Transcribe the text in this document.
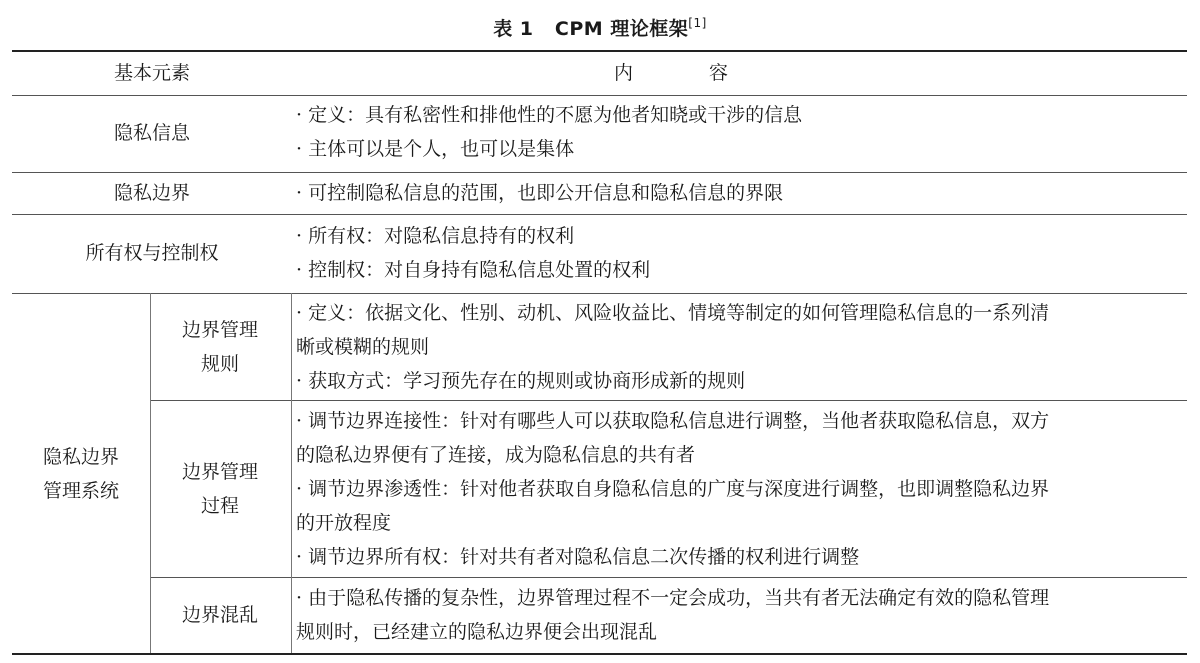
表 1 CPM 理论框架[1]
基本元素	内　　　　容
隐私信息
· 定义：具有私密性和排他性的不愿为他者知晓或干涉的信息
· 主体可以是个人，也可以是集体
隐私边界	· 可控制隐私信息的范围，也即公开信息和隐私信息的界限
所有权与控制权
· 所有权：对隐私信息持有的权利
· 控制权：对自身持有隐私信息处置的权利
隐私边界
管理系统
边界管理
规则
· 定义：依据文化、性别、动机、风险收益比、情境等制定的如何管理隐私信息的一系列清
晰或模糊的规则
· 获取方式：学习预先存在的规则或协商形成新的规则
边界管理
过程
· 调节边界连接性：针对有哪些人可以获取隐私信息进行调整，当他者获取隐私信息，双方
的隐私边界便有了连接，成为隐私信息的共有者
· 调节边界渗透性：针对他者获取自身隐私信息的广度与深度进行调整，也即调整隐私边界
的开放程度
· 调节边界所有权：针对共有者对隐私信息二次传播的权利进行调整
边界混乱
· 由于隐私传播的复杂性，边界管理过程不一定会成功，当共有者无法确定有效的隐私管理
规则时，已经建立的隐私边界便会出现混乱
